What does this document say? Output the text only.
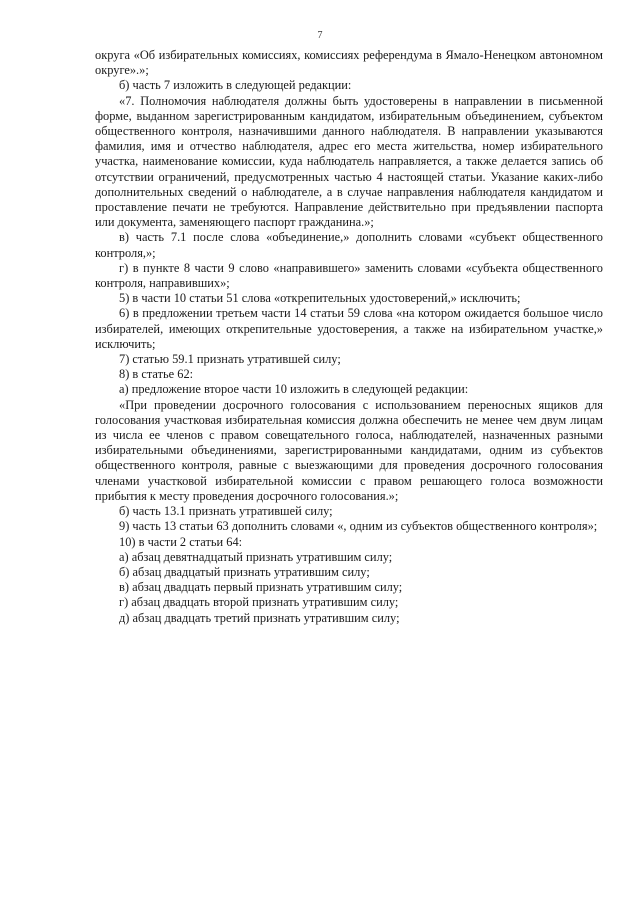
7

округа «Об избирательных комиссиях, комиссиях референдума в Ямало-Ненецком автономном округе».»;

б) часть 7 изложить в следующей редакции:

«7. Полномочия наблюдателя должны быть удостоверены в направлении в письменной форме, выданном зарегистрированным кандидатом, избирательным объединением, субъектом общественного контроля, назначившими данного наблюдателя. В направлении указываются фамилия, имя и отчество наблюдателя, адрес его места жительства, номер избирательного участка, наименование комиссии, куда наблюдатель направляется, а также делается запись об отсутствии ограничений, предусмотренных частью 4 настоящей статьи. Указание каких-либо дополнительных сведений о наблюдателе, а в случае направления наблюдателя кандидатом и проставление печати не требуются. Направление действительно при предъявлении паспорта или документа, заменяющего паспорт гражданина.»;

в) часть 7.1 после слова «объединение,» дополнить словами «субъект общественного контроля,»;

г) в пункте 8 части 9 слово «направившего» заменить словами «субъекта общественного контроля, направивших»;

5) в части 10 статьи 51 слова «открепительных удостоверений,» исключить;

6) в предложении третьем части 14 статьи 59 слова «на котором ожидается большое число избирателей, имеющих открепительные удостоверения, а также на избирательном участке,» исключить;

7) статью 59.1 признать утратившей силу;

8) в статье 62:

а) предложение второе части 10 изложить в следующей редакции:

«При проведении досрочного голосования с использованием переносных ящиков для голосования участковая избирательная комиссия должна обеспечить не менее чем двум лицам из числа ее членов с правом совещательного голоса, наблюдателей, назначенных разными избирательными объединениями, зарегистрированными кандидатами, одним из субъектов общественного контроля, равные с выезжающими для проведения досрочного голосования членами участковой избирательной комиссии с правом решающего голоса возможности прибытия к месту проведения досрочного голосования.»;

б) часть 13.1 признать утратившей силу;

9) часть 13 статьи 63 дополнить словами «, одним из субъектов общественного контроля»;

10) в части 2 статьи 64:

а) абзац девятнадцатый признать утратившим силу;

б) абзац двадцатый признать утратившим силу;

в) абзац двадцать первый признать утратившим силу;

г) абзац двадцать второй признать утратившим силу;

д) абзац двадцать третий признать утратившим силу;
